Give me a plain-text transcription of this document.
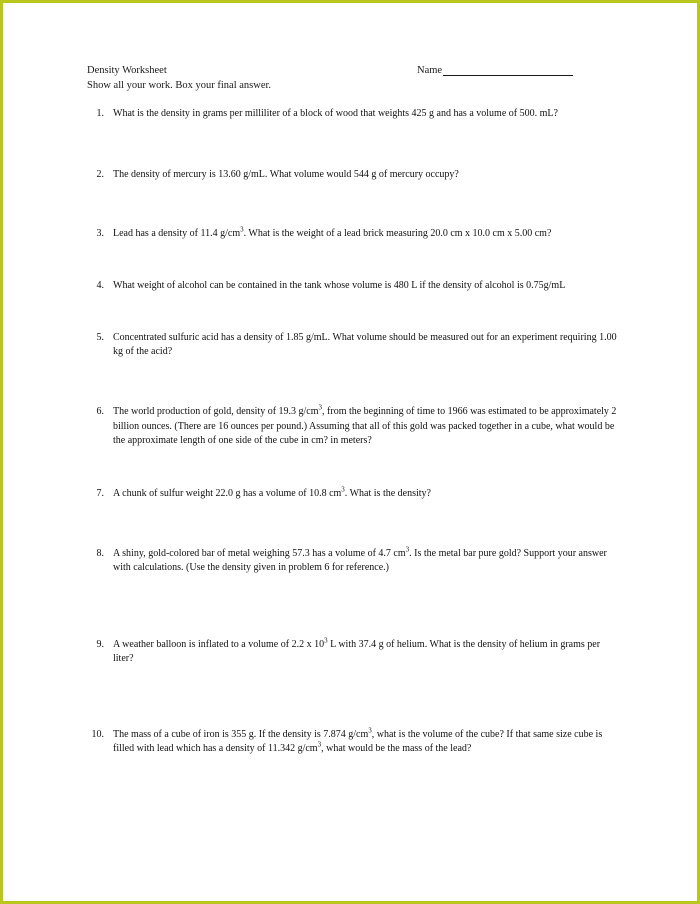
Density Worksheet
Show all your work. Box your final answer.
Name
1. What is the density in grams per milliliter of a block of wood that weights 425 g and has a volume of 500. mL?
2. The density of mercury is 13.60 g/mL. What volume would 544 g of mercury occupy?
3. Lead has a density of 11.4 $g/cm^3$. What is the weight of a lead brick measuring 20.0 cm x 10.0 cm x 5.00 cm?
4. What weight of alcohol can be contained in the tank whose volume is 480 L if the density of alcohol is 0.75g/mL
5. Concentrated sulfuric acid has a density of 1.85 g/mL. What volume should be measured out for an experiment requiring 1.00 kg of the acid?
6. The world production of gold, density of 19.3 $g/cm^3$, from the beginning of time to 1966 was estimated to be approximately 2 billion ounces. (There are 16 ounces per pound.) Assuming that all of this gold was packed together in a cube, what would be the approximate length of one side of the cube in cm? in meters?
7. A chunk of sulfur weight 22.0 g has a volume of 10.8 $cm^3$. What is the density?
8. A shiny, gold-colored bar of metal weighing 57.3 has a volume of 4.7 $cm^3$. Is the metal bar pure gold? Support your answer with calculations. (Use the density given in problem 6 for reference.)
9. A weather balloon is inflated to a volume of 2.2 x $10^3$ L with 37.4 g of helium. What is the density of helium in grams per liter?
10. The mass of a cube of iron is 355 g. If the density is 7.874 $g/cm^3$, what is the volume of the cube? If that same size cube is filled with lead which has a density of 11.342 $g/cm^3$, what would be the mass of the lead?
